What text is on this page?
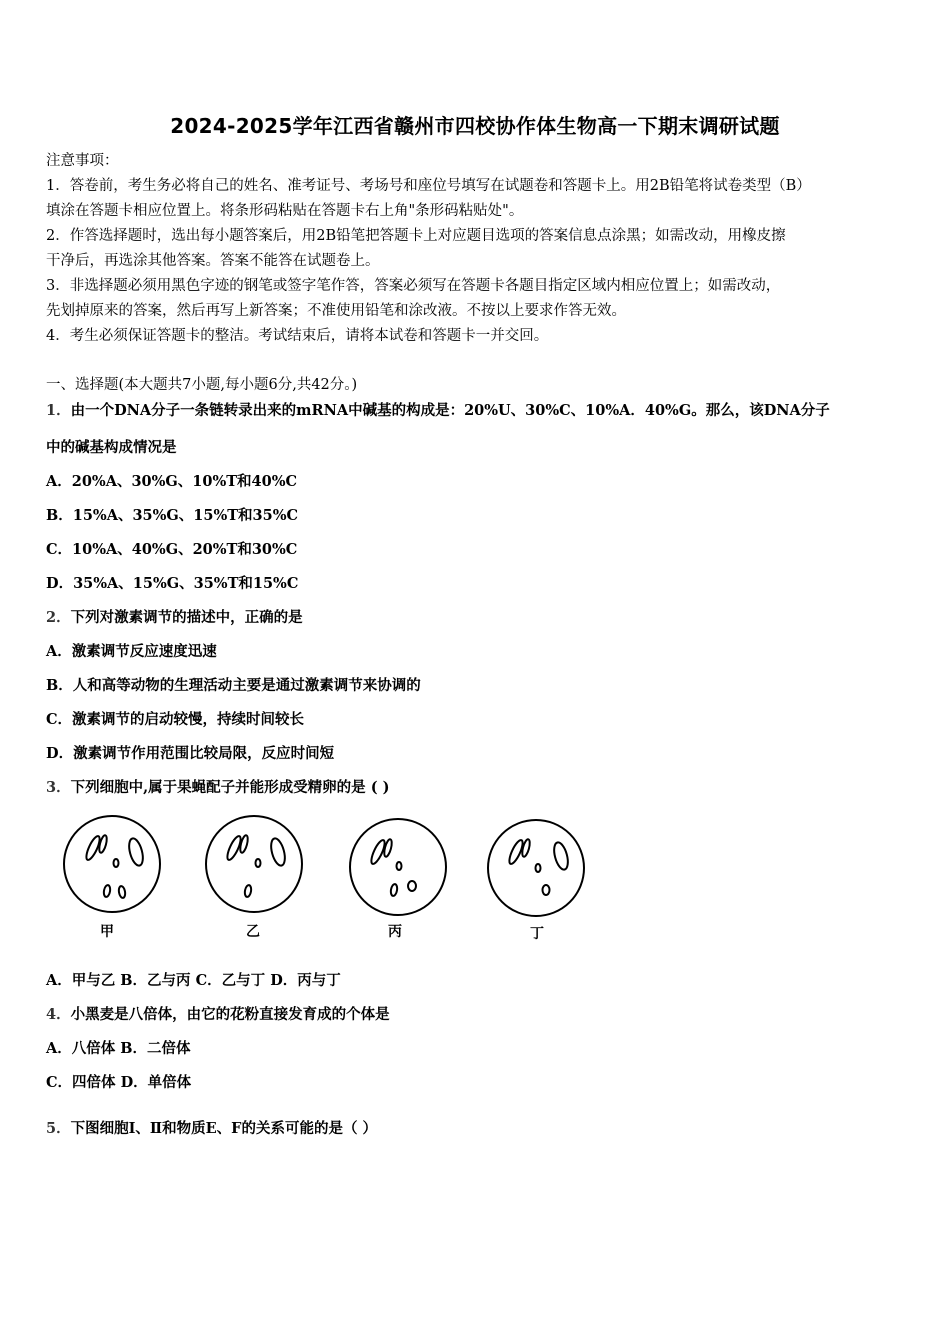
2024-2025学年江西省赣州市四校协作体生物高一下期末调研试题
注意事项：
1．答卷前，考生务必将自己的姓名、准考证号、考场号和座位号填写在试题卷和答题卡上。用2B铅笔将试卷类型（B）
填涂在答题卡相应位置上。将条形码粘贴在答题卡右上角"条形码粘贴处"。
2．作答选择题时，选出每小题答案后，用2B铅笔把答题卡上对应题目选项的答案信息点涂黑；如需改动，用橡皮擦
干净后，再选涂其他答案。答案不能答在试题卷上。
3．非选择题必须用黑色字迹的钢笔或签字笔作答，答案必须写在答题卡各题目指定区域内相应位置上；如需改动，
先划掉原来的答案，然后再写上新答案；不准使用铅笔和涂改液。不按以上要求作答无效。
4．考生必须保证答题卡的整洁。考试结束后，请将本试卷和答题卡一并交回。
一、选择题(本大题共7小题,每小题6分,共42分。)
1．由一个DNA分子一条链转录出来的mRNA中碱基的构成是：20%U、30%C、10%A．40%G。那么，该DNA分子
中的碱基构成情况是
A．20%A、30%G、10%T和40%C
B．15%A、35%G、15%T和35%C
C．10%A、40%G、20%T和30%C
D．35%A、15%G、35%T和15%C
2．下列对激素调节的描述中，正确的是
A．激素调节反应速度迅速
B．人和高等动物的生理活动主要是通过激素调节来协调的
C．激素调节的启动较慢，持续时间较长
D．激素调节作用范围比较局限，反应时间短
3．下列细胞中,属于果蝇配子并能形成受精卵的是 ( )
甲	乙	丙	丁
A．甲与乙 B．乙与丙 C．乙与丁 D．丙与丁
4．小黑麦是八倍体，由它的花粉直接发育成的个体是
A．八倍体 B．二倍体
C．四倍体 D．单倍体
5．下图细胞Ⅰ、Ⅱ和物质E、F的关系可能的是（ ）
